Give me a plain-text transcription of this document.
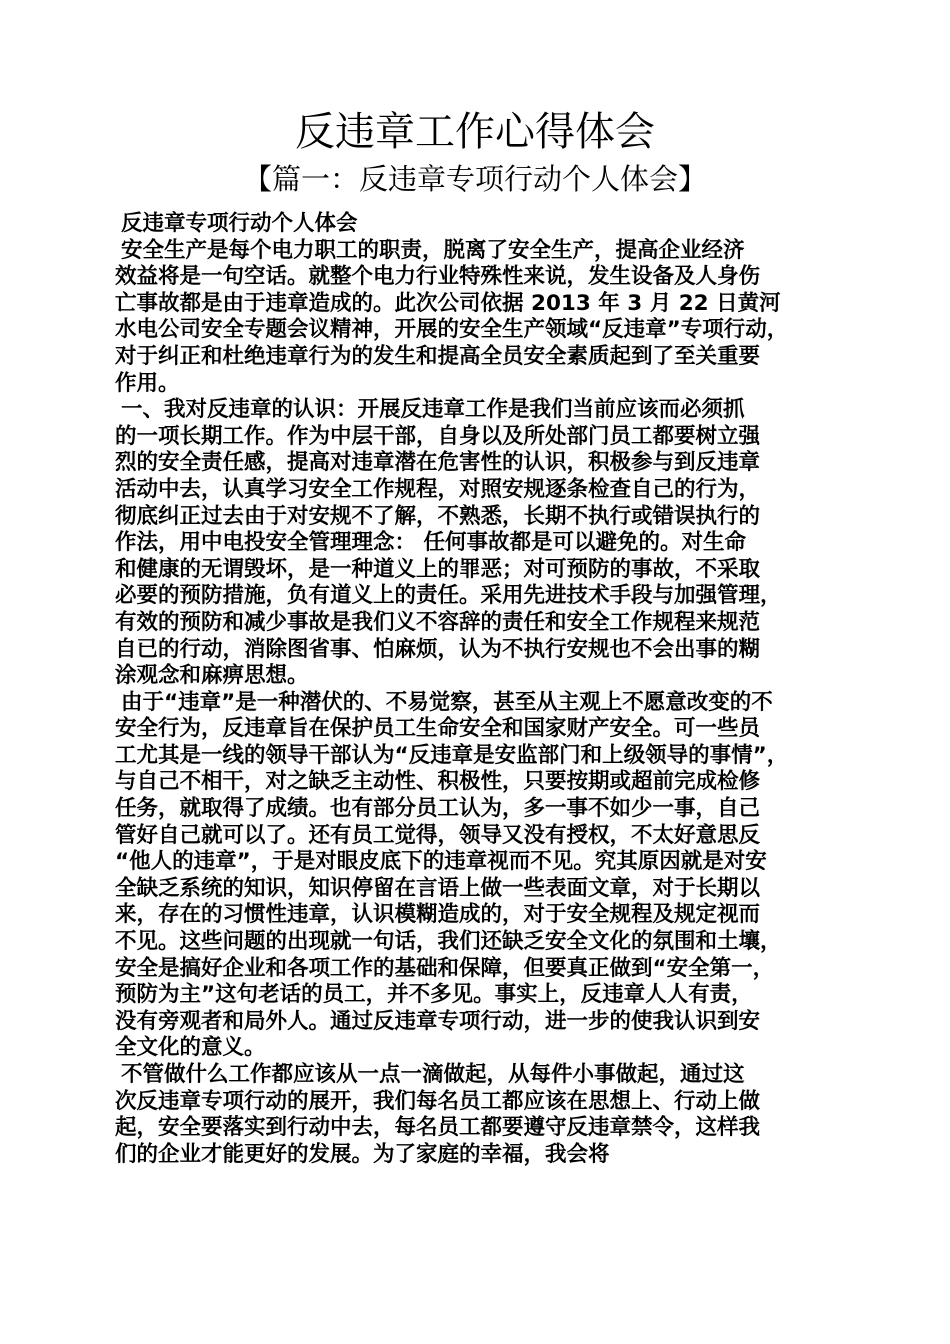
反违章工作心得体会
【篇一：反违章专项行动个人体会】
反违章专项行动个人体会
安全生产是每个电力职工的职责，脱离了安全生产，提高企业经济
效益将是一句空话。就整个电力行业特殊性来说，发生设备及人身伤
亡事故都是由于违章造成的。此次公司依据 2013 年 3 月 22 日黄河
水电公司安全专题会议精神，开展的安全生产领域“反违章”专项行动，
对于纠正和杜绝违章行为的发生和提高全员安全素质起到了至关重要
作用。
一、我对反违章的认识：开展反违章工作是我们当前应该而必须抓
的一项长期工作。作为中层干部，自身以及所处部门员工都要树立强
烈的安全责任感，提高对违章潜在危害性的认识，积极参与到反违章
活动中去，认真学习安全工作规程，对照安规逐条检查自己的行为，
彻底纠正过去由于对安规不了解，不熟悉，长期不执行或错误执行的
作法，用中电投安全管理理念： 任何事故都是可以避免的。对生命
和健康的无谓毁坏，是一种道义上的罪恶；对可预防的事故，不采取
必要的预防措施，负有道义上的责任。采用先进技术手段与加强管理，
有效的预防和减少事故是我们义不容辞的责任和安全工作规程来规范
自已的行动，消除图省事、怕麻烦，认为不执行安规也不会出事的糊
涂观念和麻痹思想。
由于“违章”是一种潜伏的、不易觉察，甚至从主观上不愿意改变的不
安全行为，反违章旨在保护员工生命安全和国家财产安全。可一些员
工尤其是一线的领导干部认为“反违章是安监部门和上级领导的事情”，
与自己不相干，对之缺乏主动性、积极性，只要按期或超前完成检修
任务，就取得了成绩。也有部分员工认为，多一事不如少一事，自己
管好自己就可以了。还有员工觉得，领导又没有授权，不太好意思反
“他人的违章”，于是对眼皮底下的违章视而不见。究其原因就是对安
全缺乏系统的知识，知识停留在言语上做一些表面文章，对于长期以
来，存在的习惯性违章，认识模糊造成的，对于安全规程及规定视而
不见。这些问题的出现就一句话，我们还缺乏安全文化的氛围和土壤，
安全是搞好企业和各项工作的基础和保障，但要真正做到“安全第一，
预防为主”这句老话的员工，并不多见。事实上，反违章人人有责，
没有旁观者和局外人。通过反违章专项行动，进一步的使我认识到安
全文化的意义。
不管做什么工作都应该从一点一滴做起，从每件小事做起，通过这
次反违章专项行动的展开，我们每名员工都应该在思想上、行动上做
起，安全要落实到行动中去，每名员工都要遵守反违章禁令，这样我
们的企业才能更好的发展。为了家庭的幸福，我会将
